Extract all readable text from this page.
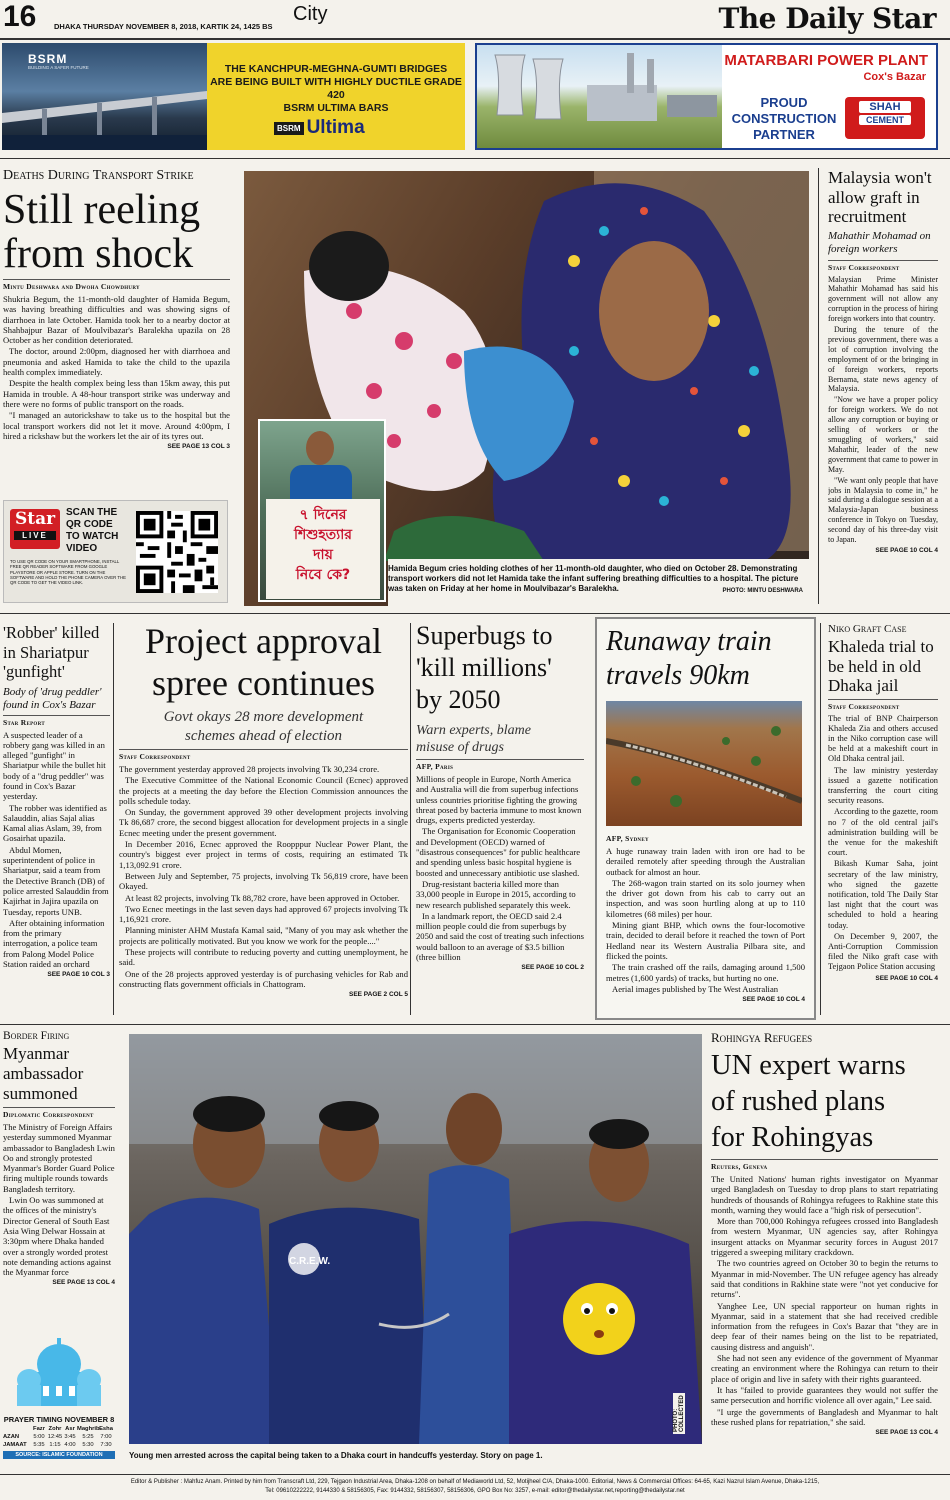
16 DHAKA THURSDAY NOVEMBER 8, 2018, KARTIK 24, 1425 BS
City	The Daily Star
BSRM
BUILDING A SAFER FUTURE	THE KANCHPUR-MEGHNA-GUMTI BRIDGES
ARE BEING BUILT WITH HIGHLY DUCTILE GRADE 420
BSRM ULTIMA BARS
BSRM Ultima
MATARBARI POWER PLANT
Cox's Bazar
PROUD
CONSTRUCTION
PARTNER
SHAH
CEMENT
Deaths During Transport Strike
Still reeling
from shock
Mintu Deshwara and Dwoha Chowdhury

Shukria Begum, the 11-month-old daughter of Hamida Begum, was having breathing difficulties and was showing signs of diarrhoea in late October. Hamida took her to a nearby doctor at Shahbajpur Bazar of Moulvibazar's Baralekha upazila on 28 October as her condition deteriorated.

The doctor, around 2:00pm, diagnosed her with diarrhoea and pneumonia and asked Hamida to take the child to the upazila health complex immediately.

Despite the health complex being less than 15km away, this put Hamida in trouble. A 48-hour transport strike was underway and there were no forms of public transport on the roads.

"I managed an autorickshaw to take us to the hospital but the local transport workers did not let it move. Around 4:00pm, I hired a rickshaw but the workers let the air of its tyres out.

SEE PAGE 13 COL 3
Star
LIVE
SCAN THE
QR CODE
TO WATCH
VIDEO
TO USE QR CODE ON YOUR SMARTPHONE, INSTALL FREE QR READER SOFTWARE FROM GOOGLE PLAYSTORE OR APPLE STORE. TURN ON THE SOFTWARE AND HOLD THE PHONE CAMERA OVER THE QR CODE TO GET THE VIDEO LINK.
৭ দিনের
শিশুহত্যার
দায়
নিবে কে?	Hamida Begum cries holding clothes of her 11-month-old daughter, who died on October 28. Demonstrating transport workers did not let Hamida take the infant suffering breathing difficulties to a hospital. The picture was taken on Friday at her home in Moulvibazar's Baralekha.	PHOTO: MINTU DESHWARA
Malaysia won't allow graft in recruitment
Mahathir Mohamad on foreign workers
Staff Correspondent

Malaysian Prime Minister Mahathir Mohamad has said his government will not allow any corruption in the process of hiring foreign workers into that country.

During the tenure of the previous government, there was a lot of corruption involving the employment of or the bringing in of foreign workers, reports Bernama, state news agency of Malaysia.

"Now we have a proper policy for foreign workers. We do not allow any corruption or buying or selling of workers or the smuggling of workers," said Mahathir, leader of the new government that came to power in May.

"We want only people that have jobs in Malaysia to come in," he said during a dialogue session at a Malaysia-Japan business conference in Tokyo on Tuesday, second day of his three-day visit to Japan.

SEE PAGE 10 COL 4
'Robber' killed in Shariatpur 'gunfight'
Body of 'drug peddler' found in Cox's Bazar
Star Report

A suspected leader of a robbery gang was killed in an alleged "gunfight" in Shariatpur while the bullet hit body of a "drug peddler" was found in Cox's Bazar yesterday.

The robber was identified as Salauddin, alias Sajal alias Kamal alias Aslam, 39, from Gosairhat upazila.

Abdul Momen, superintendent of police in Shariatpur, said a team from the Detective Branch (DB) of police arrested Salauddin from Kajirhat in Jajira upazila on Tuesday, reports UNB.

After obtaining information from the primary interrogation, a police team from Palong Model Police Station raided an orchard

SEE PAGE 10 COL 3
Project approval
spree continues
Govt okays 28 more development
schemes ahead of election
Staff Correspondent

The government yesterday approved 28 projects involving Tk 30,234 crore.

The Executive Committee of the National Economic Council (Ecnec) approved the projects at a meeting the day before the Election Commission announces the polls schedule today.

On Sunday, the government approved 39 other development projects involving Tk 86,687 crore, the second biggest allocation for development projects in a single Ecnec meeting under the present government.

In December 2016, Ecnec approved the Roopppur Nuclear Power Plant, the country's biggest ever project in terms of costs, requiring an estimated Tk 1,13,092.91 crore.

Between July and September, 75 projects, involving Tk 56,819 crore, have been Okayed.

At least 82 projects, involving Tk 88,782 crore, have been approved in October.

Two Ecnec meetings in the last seven days had approved 67 projects involving Tk 1,16,921 crore.

Planning minister AHM Mustafa Kamal said, "Many of you may ask whether the projects are politically motivated. But you know we work for the people...."

These projects will contribute to reducing poverty and cutting unemployment, he said.

One of the 28 projects approved yesterday is of purchasing vehicles for Rab and constructing flats government officials in Chattogram.

SEE PAGE 2 COL 5
Superbugs to
'kill millions'
by 2050
Warn experts, blame
misuse of drugs
AFP, Paris

Millions of people in Europe, North America and Australia will die from superbug infections unless countries prioritise fighting the growing threat posed by bacteria immune to most known drugs, experts predicted yesterday.

The Organisation for Economic Cooperation and Development (OECD) warned of "disastrous consequences" for public healthcare and spending unless basic hospital hygiene is boosted and unnecessary antibiotic use slashed.

Drug-resistant bacteria killed more than 33,000 people in Europe in 2015, according to new research published separately this week.

In a landmark report, the OECD said 2.4 million people could die from superbugs by 2050 and said the cost of treating such infections would balloon to an average of $3.5 billion (three billion

SEE PAGE 10 COL 2
Runaway train
travels 90km
AFP, Sydney

A huge runaway train laden with iron ore had to be derailed remotely after speeding through the Australian outback for almost an hour.

The 268-wagon train started on its solo journey when the driver got down from his cab to carry out an inspection, and was soon hurtling along at up to 110 kilometres (68 miles) per hour.

Mining giant BHP, which owns the four-locomotive train, decided to derail before it reached the town of Port Hedland near its Western Australia Pilbara site, and flicked the points.

The train crashed off the rails, damaging around 1,500 metres (1,600 yards) of tracks, but hurting no one.

Aerial images published by The West Australian

SEE PAGE 10 COL 4
Niko Graft Case
Khaleda trial to be held in old Dhaka jail
Staff Correspondent

The trial of BNP Chairperson Khaleda Zia and others accused in the Niko corruption case will be held at a makeshift court in Old Dhaka central jail.

The law ministry yesterday issued a gazette notification transferring the court citing security reasons.

According to the gazette, room no 7 of the old central jail's administration building will be the venue for the makeshift court.

Bikash Kumar Saha, joint secretary of the law ministry, who signed the gazette notification, told The Daily Star last night that the court was scheduled to hold a hearing today.

On December 9, 2007, the Anti-Corruption Commission filed the Niko graft case with Tejgaon Police Station accusing

SEE PAGE 10 COL 4
Border Firing
Myanmar ambassador summoned
Diplomatic Correspondent

The Ministry of Foreign Affairs yesterday summoned Myanmar ambassador to Bangladesh Lwin Oo and strongly protested Myanmar's Border Guard Police firing multiple rounds towards Bangladesh territory.

Lwin Oo was summoned at the offices of the ministry's Director General of South East Asia Wing Delwar Hossain at 3:30pm where Dhaka handed over a strongly worded protest note demanding actions against the Myanmar force

SEE PAGE 13 COL 4
PRAYER TIMING NOVEMBER 8
Fazr Zohr Asr Maghrib Esha
AZAN	5:00 12:45 3:45	5:25	7:00
JAMAAT	5:35 1:15 4:00	5:30	7:30
SOURCE: ISLAMIC FOUNDATION
C.R.E.W.
PHOTO: COLLECTED
Young men arrested across the capital being taken to a Dhaka court in handcuffs yesterday. Story on page 1.
Rohingya Refugees
UN expert warns
of rushed plans
for Rohingyas
Reuters, Geneva

The United Nations' human rights investigator on Myanmar urged Bangladesh on Tuesday to drop plans to start repatriating hundreds of thousands of Rohingya refugees to Rakhine state this month, warning they would face a "high risk of persecution".

More than 700,000 Rohingya refugees crossed into Bangladesh from western Myanmar, UN agencies say, after Rohingya insurgent attacks on Myanmar security forces in August 2017 triggered a sweeping military crackdown.

The two countries agreed on October 30 to begin the returns to Myanmar in mid-November. The UN refugee agency has already said that conditions in Rakhine state were "not yet conducive for returns".

Yanghee Lee, UN special rapporteur on human rights in Myanmar, said in a statement that she had received credible information from the refugees in Cox's Bazar that "they are in deep fear of their names being on the list to be repatriated, causing distress and anguish".

She had not seen any evidence of the government of Myanmar creating an environment where the Rohingya can return to their place of origin and live in safety with their rights guaranteed.

It has "failed to provide guarantees they would not suffer the same persecution and horrific violence all over again," Lee said.

"I urge the governments of Bangladesh and Myanmar to halt these rushed plans for repatriation," she said.

SEE PAGE 13 COL 4
Editor & Publisher : Mahfuz Anam. Printed by him from Transcraft Ltd, 229, Tejgaon Industrial Area, Dhaka-1208 on behalf of Mediaworld Ltd, 52, Motijheel C/A, Dhaka-1000. Editorial, News & Commercial Offices: 64-65, Kazi Nazrul Islam Avenue, Dhaka-1215,
Tel: 09610222222, 9144330 & 58156305, Fax: 9144332, 58156307, 58156306, GPO Box No: 3257, e-mail: editor@thedailystar.net,reporting@thedailystar.net
